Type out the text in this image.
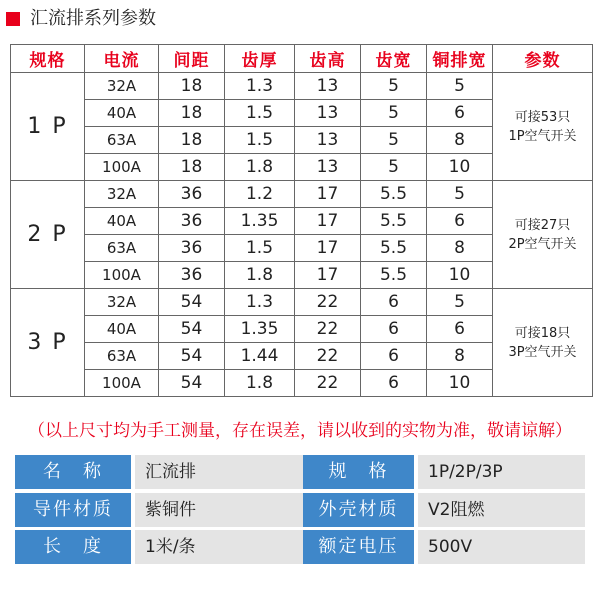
汇流排系列参数
规格	电流	间距	齿厚	齿高	齿宽	铜排宽	参数
1 P	32A	18	1.3	13	5	5	可接53只
1P空气开关

	40A	18	1.5	13	5	6	
	63A	18	1.5	13	5	8	
	100A	18	1.8	13	5	10	
2 P	32A	36	1.2	17	5.5	5	可接27只
2P空气开关

	40A	36	1.35	17	5.5	6	
	63A	36	1.5	17	5.5	8	
	100A	36	1.8	17	5.5	10	
3 P	32A	54	1.3	22	6	5	可接18只
3P空气开关

	40A	54	1.35	22	6	6	
	63A	54	1.44	22	6	8	
	100A	54	1.8	22	6	10	
（以上尺寸均为手工测量，存在误差，请以收到的实物为准，敬请谅解）
名　称	汇流排	规　格	1P/2P/3P
导件材质	紫铜件	外壳材质	V2阻燃
长　度	1米/条	额定电压	500V
